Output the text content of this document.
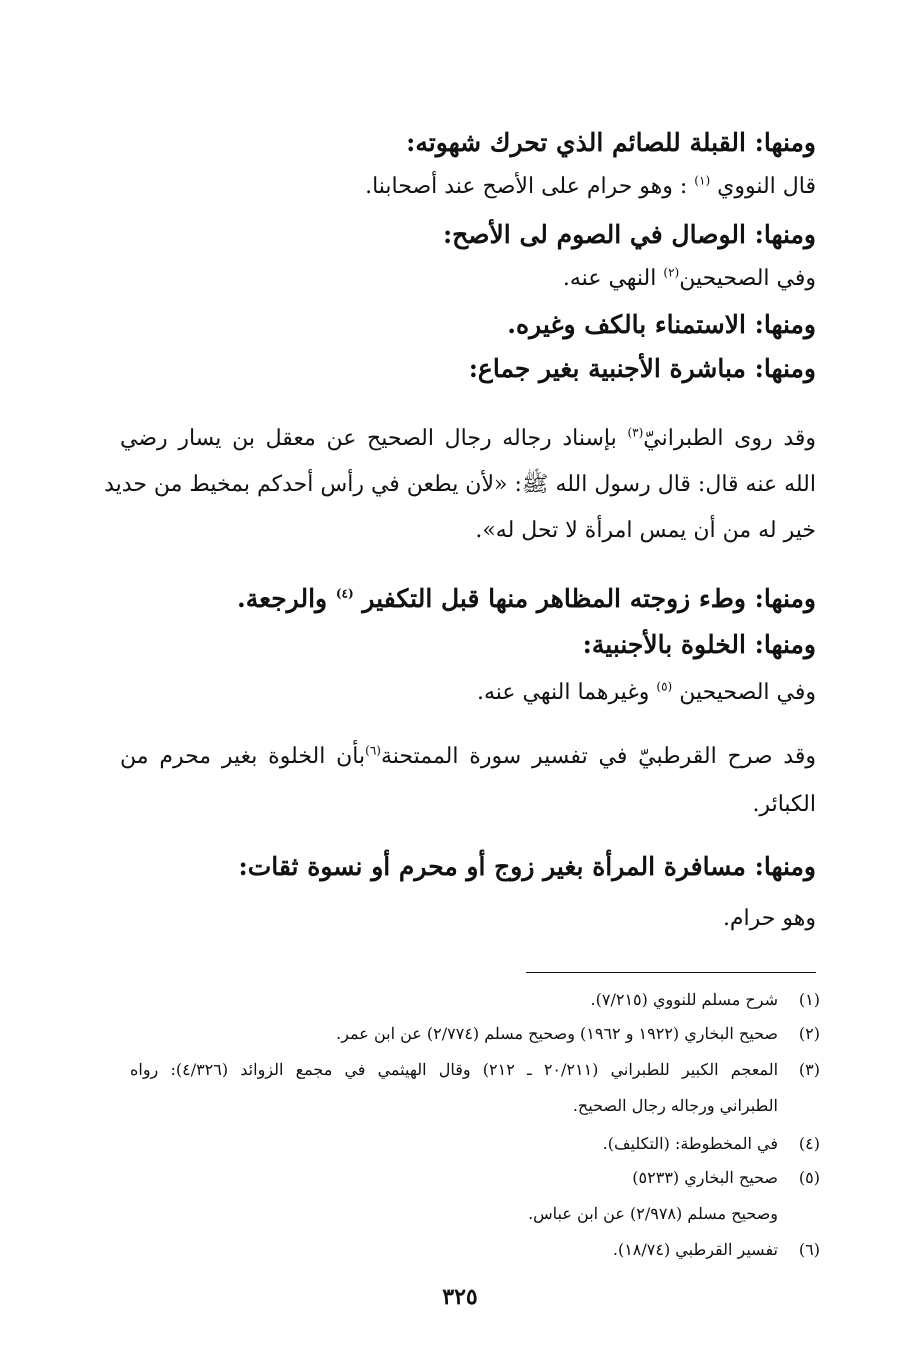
ومنها: القبلة للصائم الذي تحرك شهوته:
قال النووي $^{(١)}$ : وهو حرام على الأصح عند أصحابنا.
ومنها: الوصال في الصوم لى الأصح:
وفي الصحيحين$^{(٢)}$ النهي عنه.
ومنها: الاستمناء بالكف وغيره.
ومنها: مباشرة الأجنبية بغير جماع:
وقد روى الطبرانيّ$^{(٣)}$ بإسناد رجاله رجال الصحيح عن معقل بن يسار رضي
الله عنه قال: قال رسول الله ﷺ: «لأن يطعن في رأس أحدكم بمخيط من حديد
خير له من أن يمس امرأة لا تحل له».
ومنها: وطء زوجته المظاهر منها قبل التكفير $^{(٤)}$ والرجعة.
ومنها: الخلوة بالأجنبية:
وفي الصحيحين $^{(٥)}$ وغيرهما النهي عنه.
وقد صرح القرطبيّ في تفسير سورة الممتحنة$^{(٦)}$بأن الخلوة بغير محرم من
الكبائر.
ومنها: مسافرة المرأة بغير زوج أو محرم أو نسوة ثقات:
وهو حرام.
(١)شرح مسلم للنووي (٧/٢١٥).
(٢)صحيح البخاري (١٩٢٢ و ١٩٦٢) وصحيح مسلم (٢/٧٧٤) عن ابن عمر.
(٣)المعجم الكبير للطبراني (٢٠/٢١١ ـ ٢١٢) وقال الهيثمي في مجمع الزوائد (٤/٣٢٦): رواه
الطبراني ورجاله رجال الصحيح.
(٤)في المخطوطة: (التكليف).
(٥)صحيح البخاري (٥٢٣٣)
وصحيح مسلم (٢/٩٧٨) عن ابن عباس.
(٦)تفسير القرطبي (١٨/٧٤).
٣٢٥
